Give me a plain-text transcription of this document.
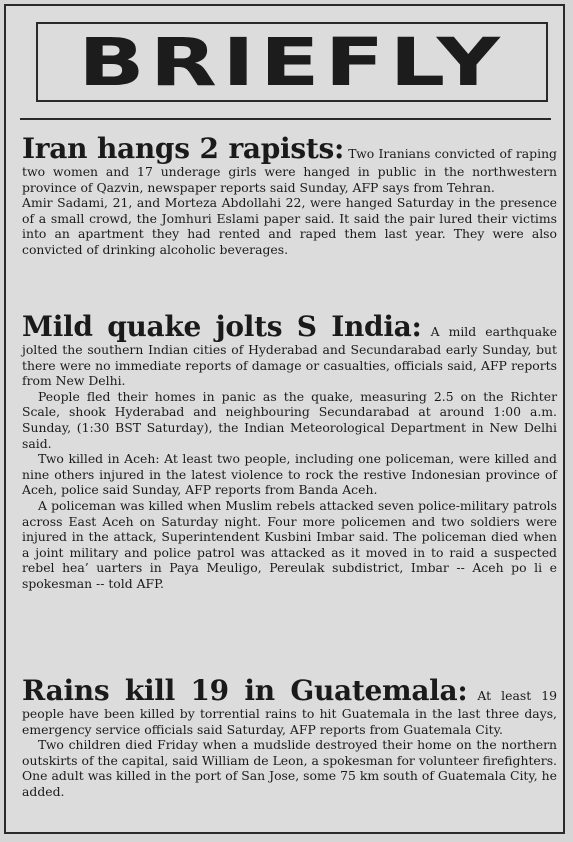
BRIEFLY

Iran hangs 2 rapists: Two Iranians convicted of raping two women and 17 underage girls were hanged in public in the northwestern province of Qazvin, newspaper reports said Sunday, AFP says from Tehran.

Amir Sadami, 21, and Morteza Abdollahi 22, were hanged Saturday in the presence of a small crowd, the Jomhuri Eslami paper said. It said the pair lured their victims into an apartment they had rented and raped them last year. They were also convicted of drinking alcoholic beverages.

Mild quake jolts S India: A mild earthquake jolted the southern Indian cities of Hyderabad and Secundarabad early Sunday, but there were no immediate reports of damage or casualties, officials said, AFP reports from New Delhi.

People fled their homes in panic as the quake, measuring 2.5 on the Richter Scale, shook Hyderabad and neighbouring Secundarabad at around 1:00 a.m. Sunday, (1:30 BST Saturday), the Indian Meteorological Department in New Delhi said.

Two killed in Aceh: At least two people, including one policeman, were killed and nine others injured in the latest violence to rock the restive Indonesian province of Aceh, police said Sunday, AFP reports from Banda Aceh.

A policeman was killed when Muslim rebels attacked seven police-military patrols across East Aceh on Saturday night. Four more policemen and two soldiers were injured in the attack, Superintendent Kusbini Imbar said. The policeman died when a joint military and police patrol was attacked as it moved in to raid a suspected rebel hea’ uarters in Paya Meuligo, Pereulak subdistrict, Imbar -- Aceh po li e spokesman -- told AFP.

Rains kill 19 in Guatemala: At least 19 people have been killed by torrential rains to hit Guatemala in the last three days, emergency service officials said Saturday, AFP reports from Guatemala City.

Two children died Friday when a mudslide destroyed their home on the northern outskirts of the capital, said William de Leon, a spokesman for volunteer firefighters. One adult was killed in the port of San Jose, some 75 km south of Guatemala City, he added.
